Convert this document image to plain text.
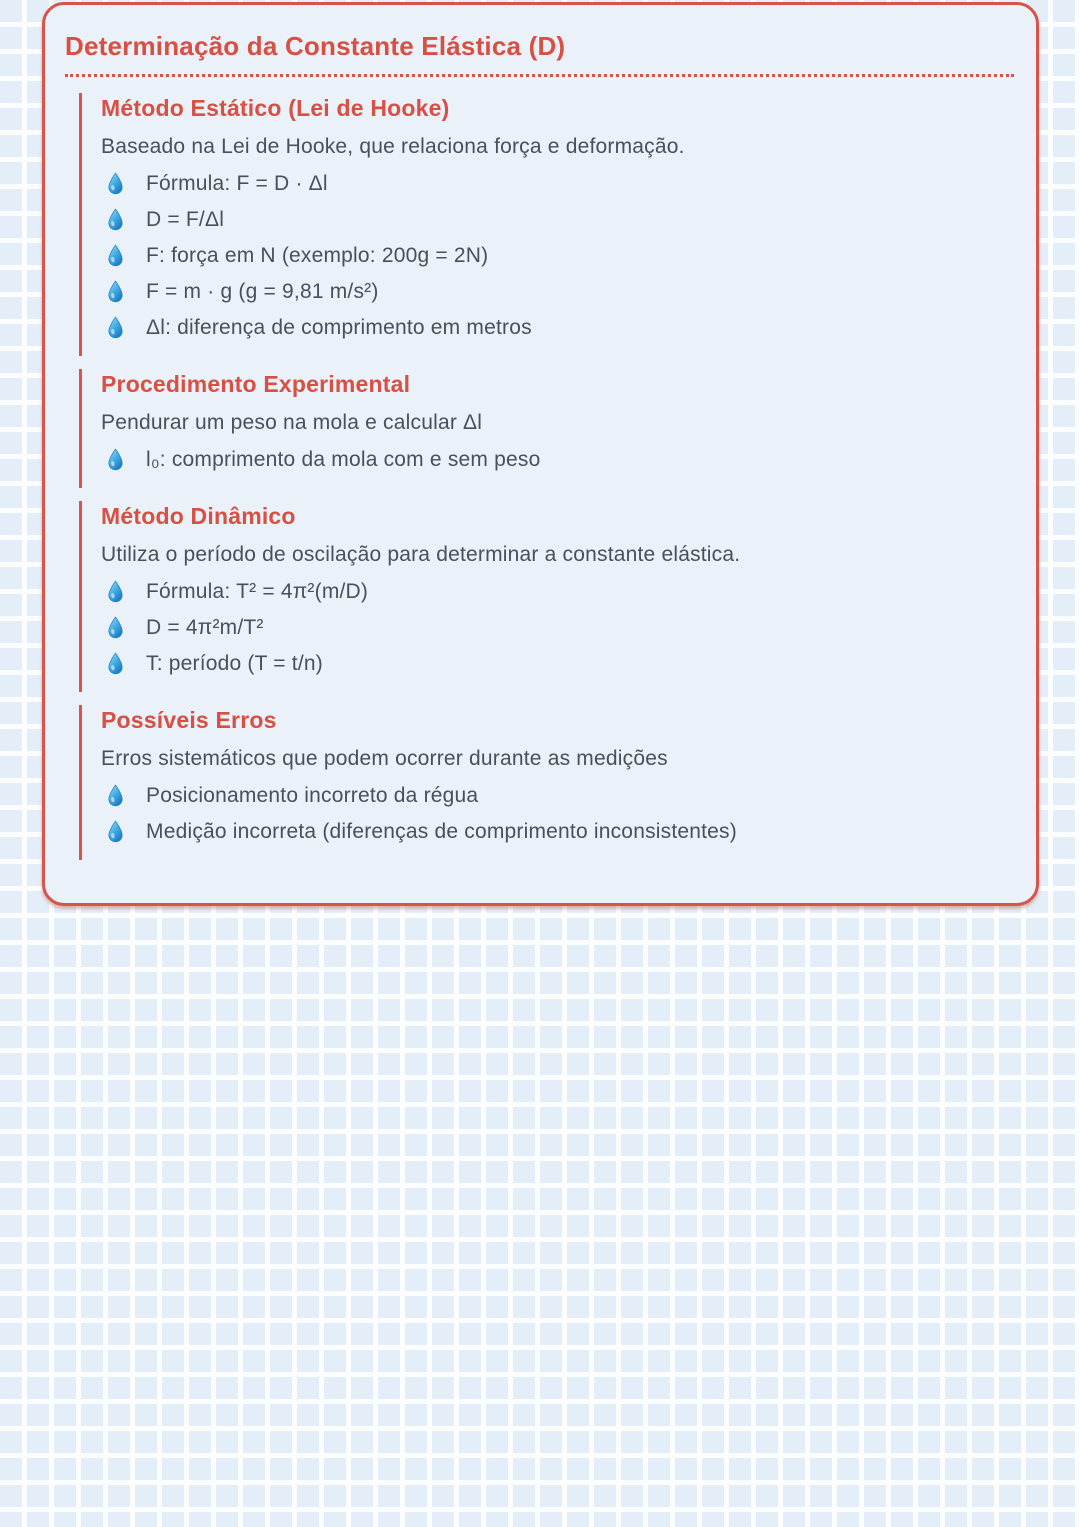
Determinação da Constante Elástica (D)
Método Estático (Lei de Hooke)

Baseado na Lei de Hooke, que relaciona força e deformação.

Fórmula: F = D · Δl
D = F/Δl
F: força em N (exemplo: 200g = 2N)
F = m · g (g = 9,81 m/s²)
Δl: diferença de comprimento em metros
Procedimento Experimental

Pendurar um peso na mola e calcular Δl

l₀: comprimento da mola com e sem peso
Método Dinâmico

Utiliza o período de oscilação para determinar a constante elástica.

Fórmula: T² = 4π²(m/D)
D = 4π²m/T²
T: período (T = t/n)
Possíveis Erros

Erros sistemáticos que podem ocorrer durante as medições

Posicionamento incorreto da régua
Medição incorreta (diferenças de comprimento inconsistentes)
